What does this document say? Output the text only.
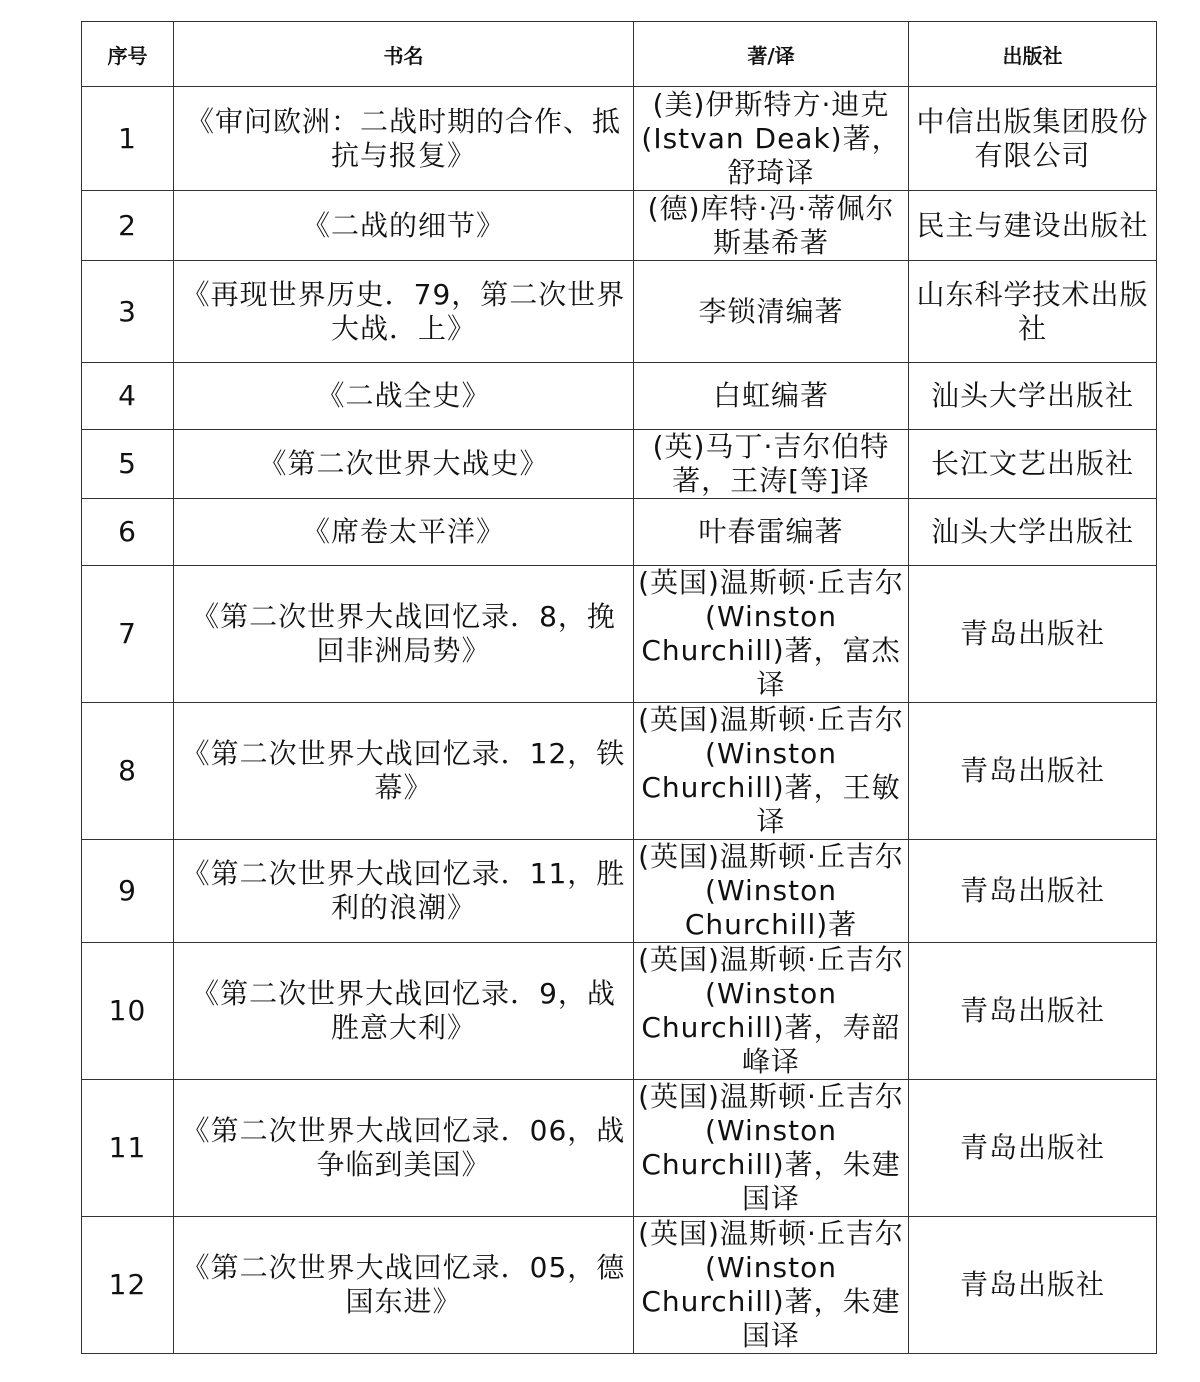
序号	书名	著/译	出版社
1	《审问欧洲：二战时期的合作、抵抗与报复》	(美)伊斯特方·迪克(Istvan Deak)著，舒琦译	中信出版集团股份有限公司
2	《二战的细节》	(德)库特·冯·蒂佩尔斯基希著	民主与建设出版社
3	《再现世界历史．79，第二次世界大战．上》	李锁清编著	山东科学技术出版社
4	《二战全史》	白虹编著	汕头大学出版社
5	《第二次世界大战史》	(英)马丁·吉尔伯特著，王涛[等]译	长江文艺出版社
6	《席卷太平洋》	叶春雷编著	汕头大学出版社
7	《第二次世界大战回忆录．8，挽回非洲局势》	(英国)温斯顿·丘吉尔(Winston Churchill)著，富杰译	青岛出版社
8	《第二次世界大战回忆录．12，铁幕》	(英国)温斯顿·丘吉尔(Winston Churchill)著，王敏译	青岛出版社
9	《第二次世界大战回忆录．11，胜利的浪潮》	(英国)温斯顿·丘吉尔(Winston Churchill)著	青岛出版社
10	《第二次世界大战回忆录．9，战胜意大利》	(英国)温斯顿·丘吉尔(Winston Churchill)著，寿韶峰译	青岛出版社
11	《第二次世界大战回忆录．06，战争临到美国》	(英国)温斯顿·丘吉尔(Winston Churchill)著，朱建国译	青岛出版社
12	《第二次世界大战回忆录．05，德国东进》	(英国)温斯顿·丘吉尔(Winston Churchill)著，朱建国译	青岛出版社
